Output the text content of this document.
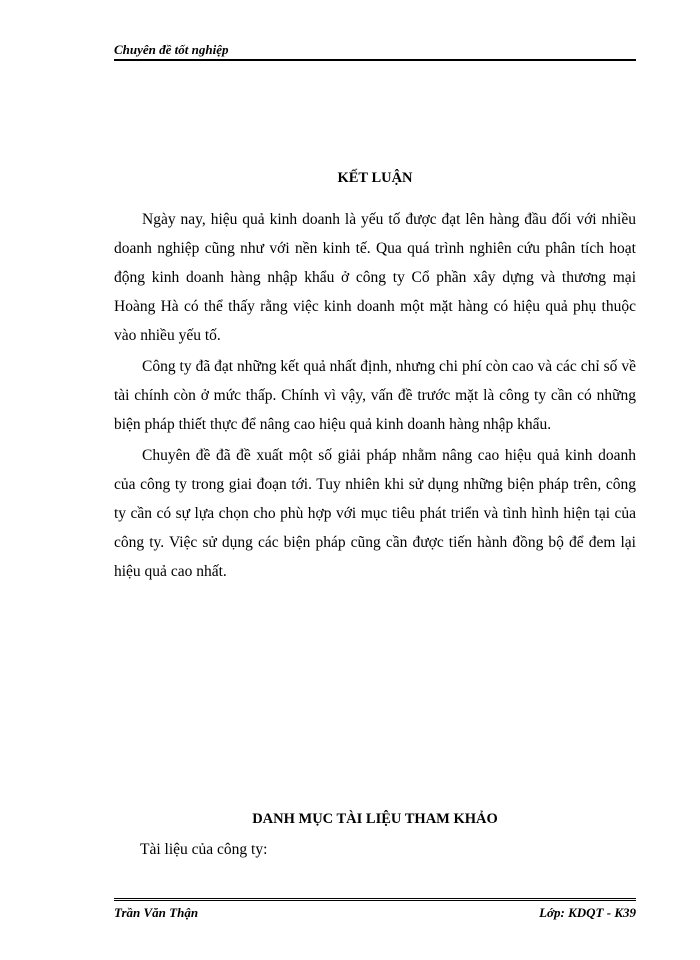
Chuyên đề tốt nghiệp
KẾT LUẬN

Ngày nay, hiệu quả kinh doanh là yếu tố được đạt lên hàng đầu đối với nhiều doanh nghiệp cũng như với nền kinh tế. Qua quá trình nghiên cứu phân tích hoạt động kinh doanh hàng nhập khẩu ở công ty Cổ phần xây dựng và thương mại Hoàng Hà có thể thấy rằng việc kinh doanh một mặt hàng có hiệu quả phụ thuộc vào nhiều yếu tố.

Công ty đã đạt những kết quả nhất định, nhưng chi phí còn cao và các chỉ số về tài chính còn ở mức thấp. Chính vì vậy, vấn đề trước mặt là công ty cần có những biện pháp thiết thực để nâng cao hiệu quả kinh doanh hàng nhập khẩu.

Chuyên đề đã đề xuất một số giải pháp nhằm nâng cao hiệu quả kinh doanh của công ty trong giai đoạn tới. Tuy nhiên khi sử dụng những biện pháp trên, công ty cần có sự lựa chọn cho phù hợp với mục tiêu phát triển và tình hình hiện tại của công ty. Việc sử dụng các biện pháp cũng cần được tiến hành đồng bộ để đem lại hiệu quả cao nhất.

DANH MỤC TÀI LIỆU THAM KHẢO
Tài liệu của công ty:
Trần Văn Thận	Lớp: KDQT - K39
